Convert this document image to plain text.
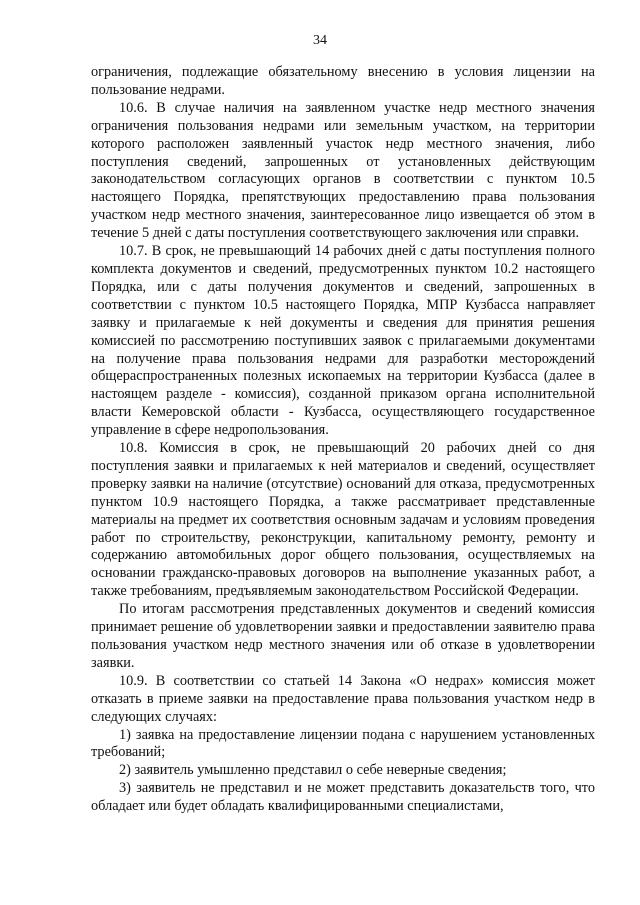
34

ограничения, подлежащие обязательному внесению в условия лицензии на пользование недрами.

10.6. В случае наличия на заявленном участке недр местного значения ограничения пользования недрами или земельным участком, на территории которого расположен заявленный участок недр местного значения, либо поступления сведений, запрошенных от установленных действующим законодательством согласующих органов в соответствии с пунктом 10.5 настоящего Порядка, препятствующих предоставлению права пользования участком недр местного значения, заинтересованное лицо извещается об этом в течение 5 дней с даты поступления соответствующего заключения или справки.

10.7. В срок, не превышающий 14 рабочих дней с даты поступления полного комплекта документов и сведений, предусмотренных пунктом 10.2 настоящего Порядка, или с даты получения документов и сведений, запрошенных в соответствии с пунктом 10.5 настоящего Порядка, МПР Кузбасса направляет заявку и прилагаемые к ней документы и сведения для принятия решения комиссией по рассмотрению поступивших заявок с прилагаемыми документами на получение права пользования недрами для разработки месторождений общераспространенных полезных ископаемых на территории Кузбасса (далее в настоящем разделе - комиссия), созданной приказом органа исполнительной власти Кемеровской области - Кузбасса, осуществляющего государственное управление в сфере недропользования.

10.8. Комиссия в срок, не превышающий 20 рабочих дней со дня поступления заявки и прилагаемых к ней материалов и сведений, осуществляет проверку заявки на наличие (отсутствие) оснований для отказа, предусмотренных пунктом 10.9 настоящего Порядка, а также рассматривает представленные материалы на предмет их соответствия основным задачам и условиям проведения работ по строительству, реконструкции, капитальному ремонту, ремонту и содержанию автомобильных дорог общего пользования, осуществляемых на основании гражданско-правовых договоров на выполнение указанных работ, а также требованиям, предъявляемым законодательством Российской Федерации.

По итогам рассмотрения представленных документов и сведений комиссия принимает решение об удовлетворении заявки и предоставлении заявителю права пользования участком недр местного значения или об отказе в удовлетворении заявки.

10.9. В соответствии со статьей 14 Закона «О недрах» комиссия может отказать в приеме заявки на предоставление права пользования участком недр в следующих случаях:

1) заявка на предоставление лицензии подана с нарушением установленных требований;

2) заявитель умышленно представил о себе неверные сведения;

3) заявитель не представил и не может представить доказательств того, что обладает или будет обладать квалифицированными специалистами,
